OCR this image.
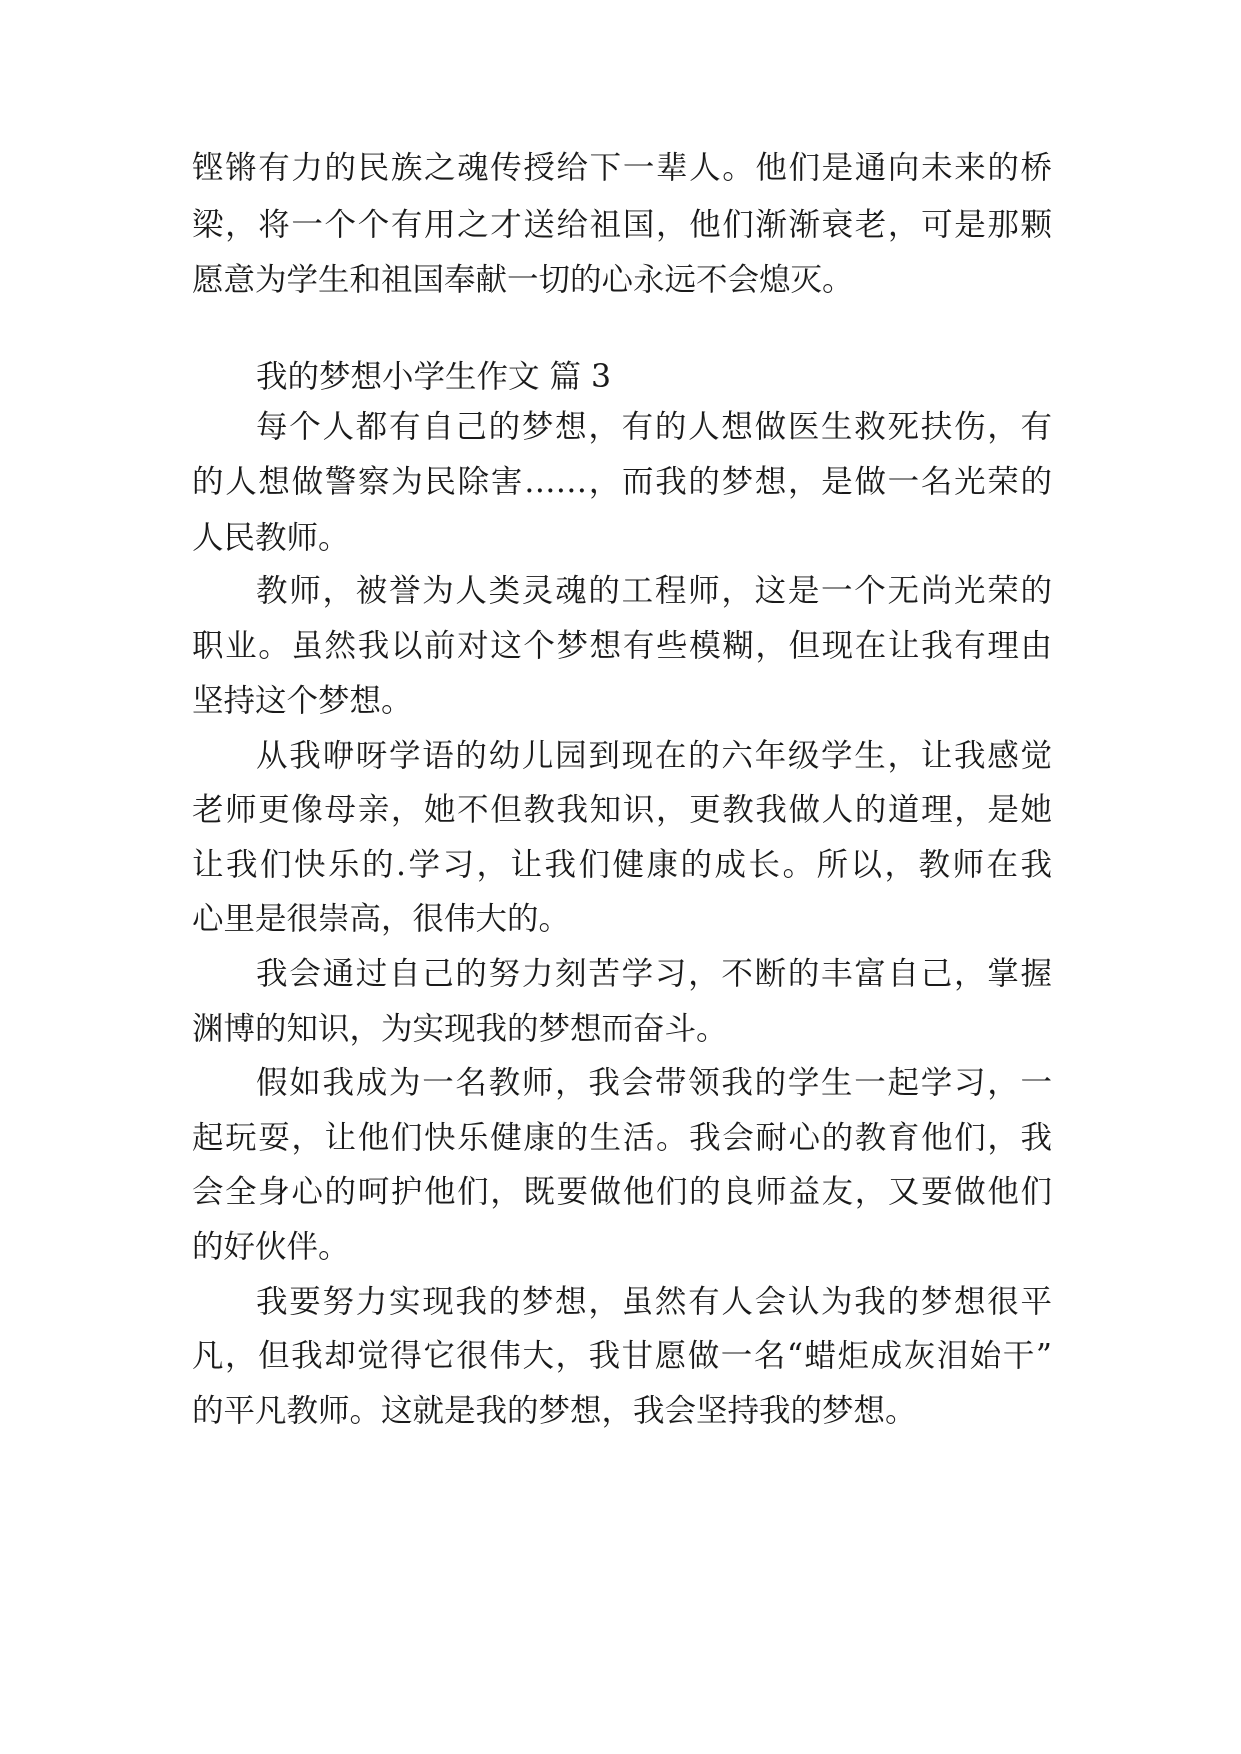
铿锵有力的民族之魂传授给下一辈人。他们是通向未来的桥
梁，将一个个有用之才送给祖国，他们渐渐衰老，可是那颗
愿意为学生和祖国奉献一切的心永远不会熄灭。
我的梦想小学生作文 篇 3
每个人都有自己的梦想，有的人想做医生救死扶伤，有
的人想做警察为民除害……，而我的梦想，是做一名光荣的
人民教师。
教师，被誉为人类灵魂的工程师，这是一个无尚光荣的
职业。虽然我以前对这个梦想有些模糊，但现在让我有理由
坚持这个梦想。
从我咿呀学语的幼儿园到现在的六年级学生，让我感觉
老师更像母亲，她不但教我知识，更教我做人的道理，是她
让我们快乐的.学习，让我们健康的成长。所以，教师在我
心里是很崇高，很伟大的。
我会通过自己的努力刻苦学习，不断的丰富自己，掌握
渊博的知识，为实现我的梦想而奋斗。
假如我成为一名教师，我会带领我的学生一起学习，一
起玩耍，让他们快乐健康的生活。我会耐心的教育他们，我
会全身心的呵护他们，既要做他们的良师益友，又要做他们
的好伙伴。
我要努力实现我的梦想，虽然有人会认为我的梦想很平
凡，但我却觉得它很伟大，我甘愿做一名“蜡炬成灰泪始干”
的平凡教师。这就是我的梦想，我会坚持我的梦想。
